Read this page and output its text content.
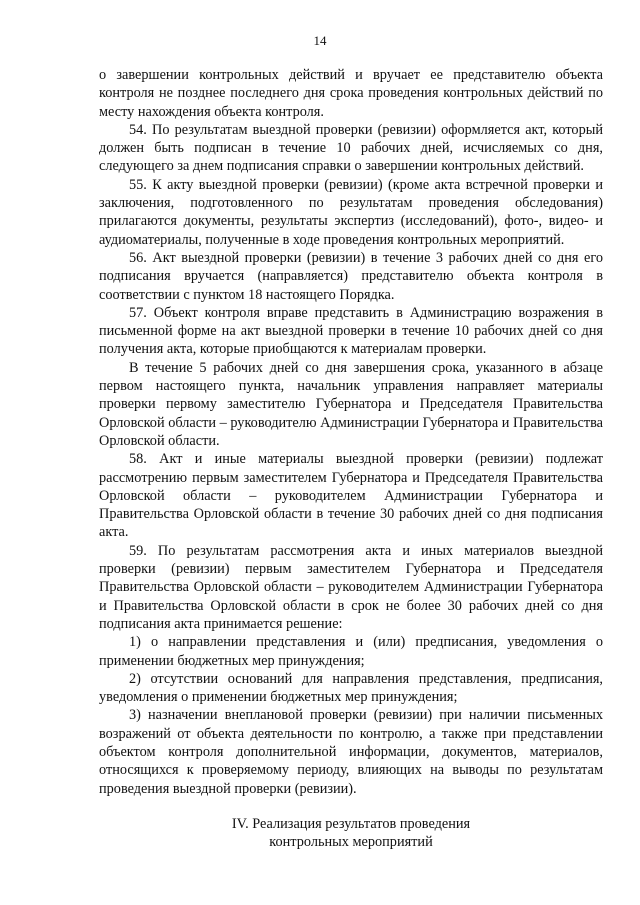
14

о завершении контрольных действий и вручает ее представителю объекта контроля не позднее последнего дня срока проведения контрольных действий по месту нахождения объекта контроля.

54. По результатам выездной проверки (ревизии) оформляется акт, который должен быть подписан в течение 10 рабочих дней, исчисляемых со дня, следующего за днем подписания справки о завершении контрольных действий.

55. К акту выездной проверки (ревизии) (кроме акта встречной проверки и заключения, подготовленного по результатам проведения обследования) прилагаются документы, результаты экспертиз (исследований), фото-, видео- и аудиоматериалы, полученные в ходе проведения контрольных мероприятий.

56. Акт выездной проверки (ревизии) в течение 3 рабочих дней со дня его подписания вручается (направляется) представителю объекта контроля в соответствии с пунктом 18 настоящего Порядка.

57. Объект контроля вправе представить в Администрацию возражения в письменной форме на акт выездной проверки в течение 10 рабочих дней со дня получения акта, которые приобщаются к материалам проверки.

В течение 5 рабочих дней со дня завершения срока, указанного в абзаце первом настоящего пункта, начальник управления направляет материалы проверки первому заместителю Губернатора и Председателя Правительства Орловской области – руководителю Администрации Губернатора и Правительства Орловской области.

58. Акт и иные материалы выездной проверки (ревизии) подлежат рассмотрению первым заместителем Губернатора и Председателя Правительства Орловской области – руководителем Администрации Губернатора и Правительства Орловской области в течение 30 рабочих дней со дня подписания акта.

59. По результатам рассмотрения акта и иных материалов выездной проверки (ревизии) первым заместителем Губернатора и Председателя Правительства Орловской области – руководителем Администрации Губернатора и Правительства Орловской области в срок не более 30 рабочих дней со дня подписания акта принимается решение:

1) о направлении представления и (или) предписания, уведомления о применении бюджетных мер принуждения;

2) отсутствии оснований для направления представления, предписания, уведомления о применении бюджетных мер принуждения;

3) назначении внеплановой проверки (ревизии) при наличии письменных возражений от объекта деятельности по контролю, а также при представлении объектом контроля дополнительной информации, документов, материалов, относящихся к проверяемому периоду, влияющих на выводы по результатам проведения выездной проверки (ревизии).

IV. Реализация результатов проведения
контрольных мероприятий
